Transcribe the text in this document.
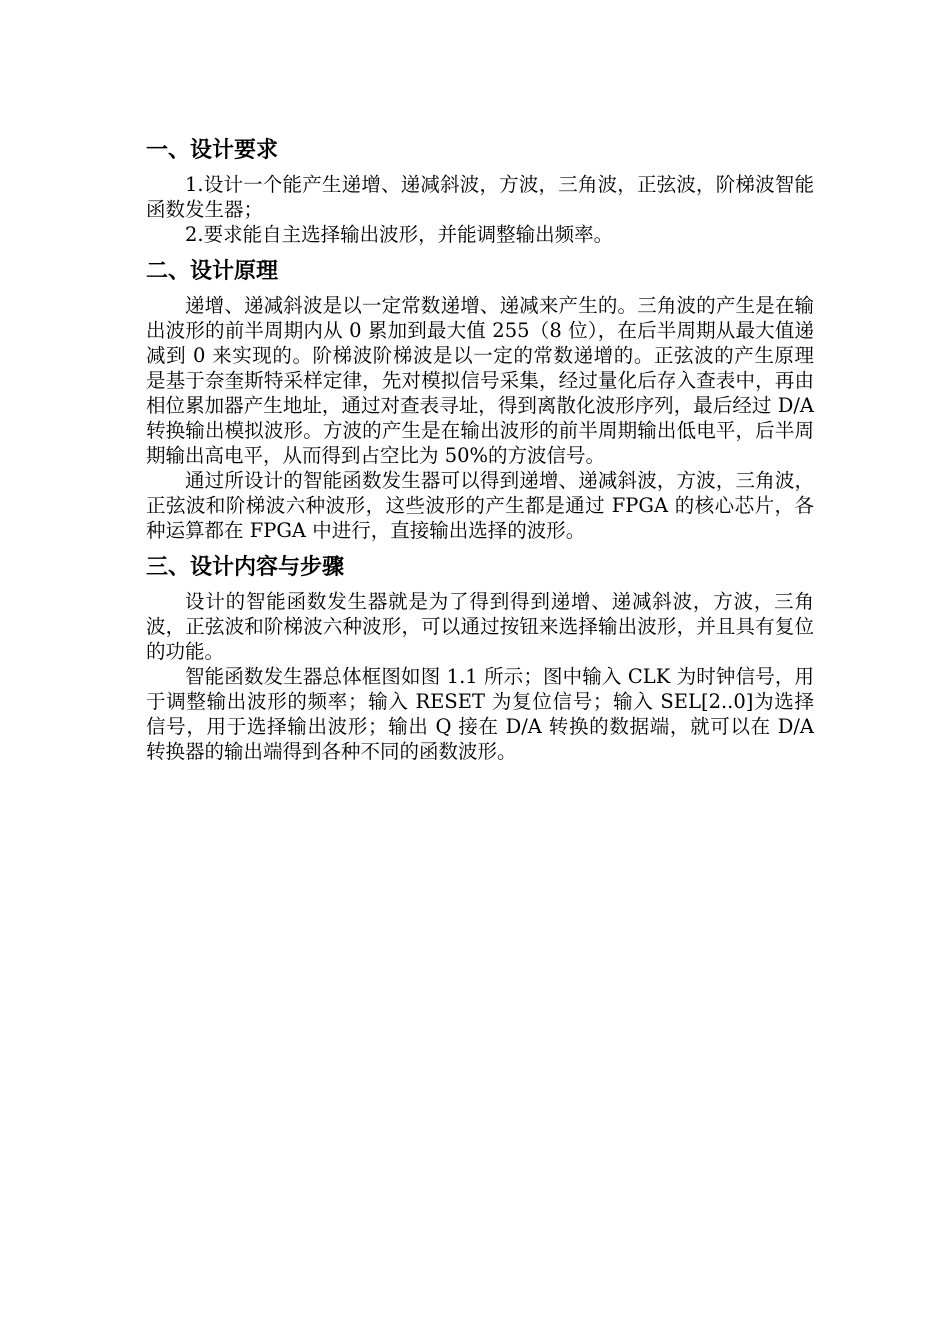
一、设计要求

1.设计一个能产生递增、递减斜波，方波，三角波，正弦波，阶梯波智能函数发生器；

2.要求能自主选择输出波形，并能调整输出频率。

二、设计原理

递增、递减斜波是以一定常数递增、递减来产生的。三角波的产生是在输出波形的前半周期内从 0 累加到最大值 255（8 位），在后半周期从最大值递减到 0 来实现的。阶梯波阶梯波是以一定的常数递增的。正弦波的产生原理是基于奈奎斯特采样定律，先对模拟信号采集，经过量化后存入查表中，再由相位累加器产生地址，通过对查表寻址，得到离散化波形序列，最后经过 D/A 转换输出模拟波形。方波的产生是在输出波形的前半周期输出低电平，后半周期输出高电平，从而得到占空比为 50%的方波信号。

通过所设计的智能函数发生器可以得到递增、递减斜波，方波，三角波，正弦波和阶梯波六种波形，这些波形的产生都是通过 FPGA 的核心芯片，各种运算都在 FPGA 中进行，直接输出选择的波形。

三、设计内容与步骤

设计的智能函数发生器就是为了得到得到递增、递减斜波，方波，三角波，正弦波和阶梯波六种波形，可以通过按钮来选择输出波形，并且具有复位的功能。

智能函数发生器总体框图如图 1.1 所示；图中输入 CLK 为时钟信号，用于调整输出波形的频率；输入 RESET 为复位信号；输入 SEL[2..0]为选择信号，用于选择输出波形；输出 Q 接在 D/A 转换的数据端，就可以在 D/A 转换器的输出端得到各种不同的函数波形。
